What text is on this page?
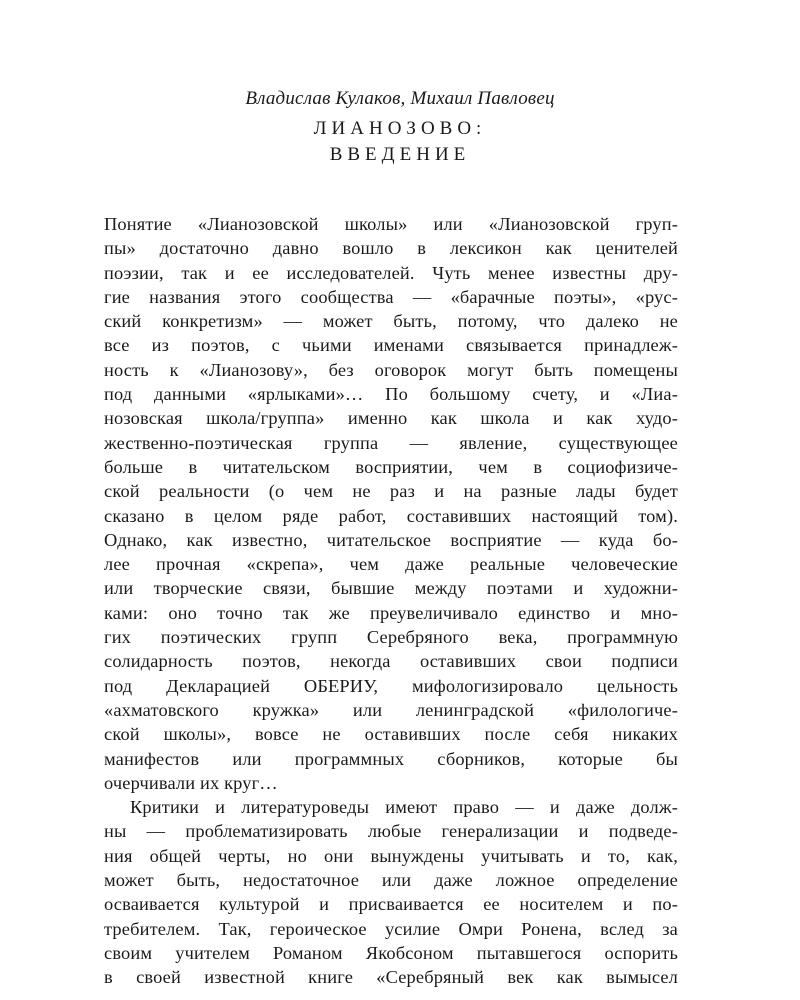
Владислав Кулаков, Михаил Павловец
ЛИАНОЗОВО:
ВВЕДЕНИЕ
Понятие «Лианозовской школы» или «Лианозовской груп-
пы» достаточно давно вошло в лексикон как ценителей
поэзии, так и ее исследователей. Чуть менее известны дру-
гие названия этого сообщества — «барачные поэты», «рус-
ский конкретизм» — может быть, потому, что далеко не
все из поэтов, с чьими именами связывается принадлеж-
ность к «Лианозову», без оговорок могут быть помещены
под данными «ярлыками»… По большому счету, и «Лиа-
нозовская школа/группа» именно как школа и как худо-
жественно-поэтическая группа — явление, существующее
больше в читательском восприятии, чем в социофизиче-
ской реальности (о чем не раз и на разные лады будет
сказано в целом ряде работ, составивших настоящий том).
Однако, как известно, читательское восприятие — куда бо-
лее прочная «скрепа», чем даже реальные человеческие
или творческие связи, бывшие между поэтами и художни-
ками: оно точно так же преувеличивало единство и мно-
гих поэтических групп Серебряного века, программную
солидарность поэтов, некогда оставивших свои подписи
под Декларацией ОБЕРИУ, мифологизировало цельность
«ахматовского кружка» или ленинградской «филологиче-
ской школы», вовсе не оставивших после себя никаких
манифестов или программных сборников, которые бы
очерчивали их круг…
Критики и литературоведы имеют право — и даже долж-
ны — проблематизировать любые генерализации и подведе-
ния общей черты, но они вынуждены учитывать и то, как,
может быть, недостаточное или даже ложное определение
осваивается культурой и присваивается ее носителем и по-
требителем. Так, героическое усилие Омри Ронена, вслед за
своим учителем Романом Якобсоном пытавшегося оспорить
в своей известной книге «Серебряный век как вымысел
